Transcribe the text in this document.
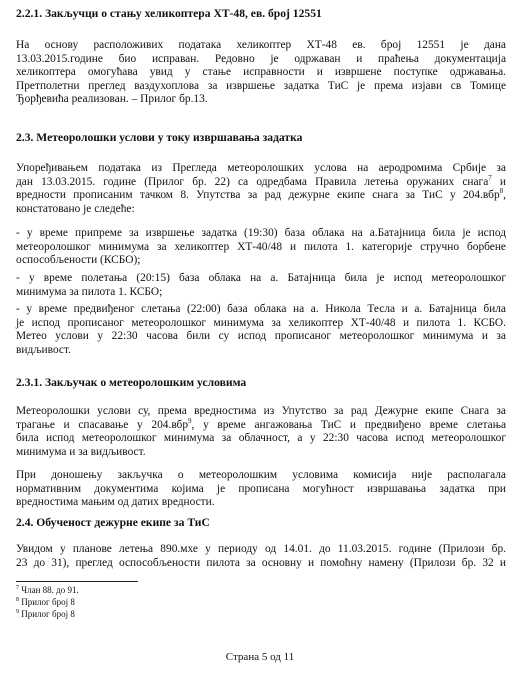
2.2.1. Закључци о стању хеликоптера ХТ-48, ев. број 12551
На основу расположивих података хеликоптер ХТ-48 ев. број 12551 је дана
13.03.2015.године био исправан. Редовно је одржаван и праћења документација
хеликоптера омогућава увид у стање исправности и извршене поступке одржавања.
Претполетни преглед ваздухоплова за извршење задатка ТиС је према изјави св Томице
Ђорђевића реализован. – Прилог бр.13.
2.3. Метеоролошки услови у току извршавања задатка
Упоређивањем података из Прегледа метеоролошких услова на аеродромима Србије за
дан 13.03.2015. године (Прилог бр. 22) са одредбама Правила летења оружаних снага$^7$ и
вредности прописаним тачком 8. Упутства за рад дежурне екипе снага за ТиС у 204.вбр$^8$,
констатовано је следеће:
- у време припреме за извршење задатка (19:30) база облака на а.Батајница била је испод
метеоролошког минимума за хеликоптер ХТ-40/48 и пилота 1. категорије стручно борбене
оспособљености (КСБО);
- у време полетања (20:15) база облака на а. Батајница била је испод метеоролошког
минимума за пилота 1. КСБО;
- у време предвиђеног слетања (22:00) база облака на а. Никола Тесла и а. Батајница била
је испод прописаног метеоролошког минимума за хеликоптер ХТ-40/48 и пилота 1. КСБО.
Метео услови у 22:30 часова били су испод прописаног метеоролошког минимума и за
видљивост.
2.3.1. Закључак о метеоролошким условима
Метеоролошки услови су, према вредностима из Упутство за рад Дежурне екипе Снага за
трагање и спасавање у 204.вбр$^9$, у време ангажовања ТиС и предвиђено време слетања
била испод метеоролошког минимума за облачност, а у 22:30 часова испод метеоролошког
минимума и за видљивост.
При доношењу закључка о метеоролошким условима комисија није располагала
нормативним документима којима је прописана могућност извршавања задатка при
вредностима мањим од датих вредности.
2.4. Обученост дежурне екипе за ТиС
Увидом у планове летења 890.мхе у периоду од 14.01. до 11.03.2015. године (Прилози бр.
23 до 31), преглед оспособљености пилота за основну и помоћну намену (Прилози бр. 32 и
$^7$ Члан 88. до 91.
$^8$ Прилог број 8
$^9$ Прилог број 8
Страна 5 од 11
